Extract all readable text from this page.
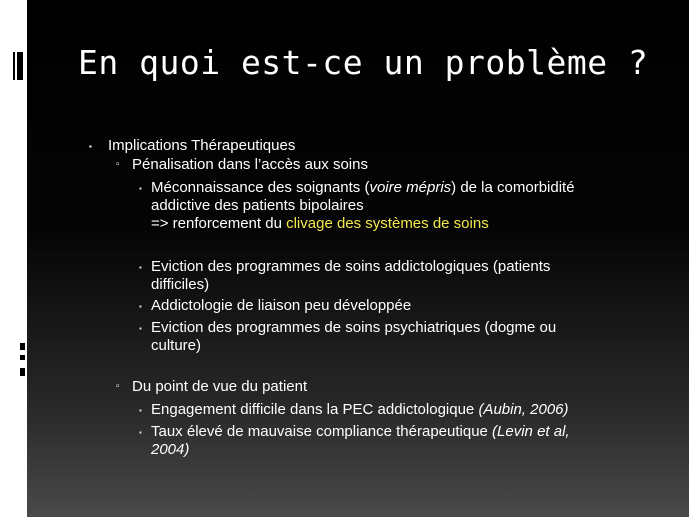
En quoi est-ce un problème ?
▪ Implications Thérapeutiques
▫ Pénalisation dans l’accès aux soins
▪ Méconnaissance des soignants (voire mépris) de la comorbidité
addictive des patients bipolaires
=> renforcement du clivage des systèmes de soins
▪ Eviction des programmes de soins addictologiques (patients
difficiles)
▪ Addictologie de liaison peu développée
▪ Eviction des programmes de soins psychiatriques (dogme ou
culture)
▫ Du point de vue du patient
▪ Engagement difficile dans la PEC addictologique (Aubin, 2006)
▪ Taux élevé de mauvaise compliance thérapeutique (Levin et al,
2004)
